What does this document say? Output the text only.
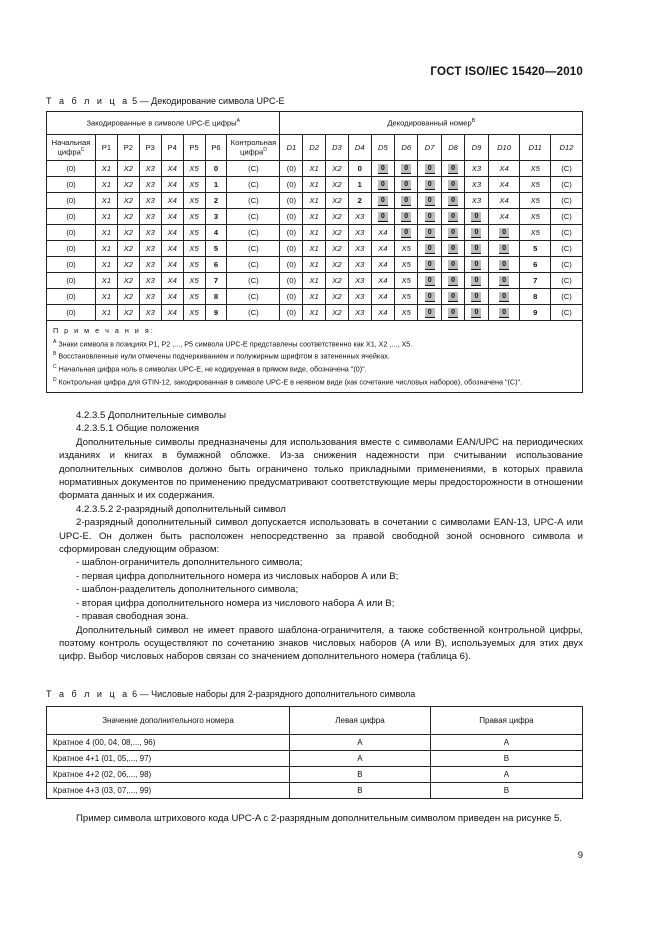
ГОСТ ISO/IEC 15420—2010
Т а б л и ц а 5 — Декодирование символа UPC-E
Закодированные в символе UPC-E цифры$^A$								Декодированный номер$^B$
Начальная цифра$^C$	P1	P2	P3	P4	P5	P6	Контрольная цифра$^D$	D1	D2	D3	D4	D5	D6	D7	D8	D9	D10	D11	D12
(0)	X1	X2	X3	X4	X5	0	(C)	(0)	X1	X2	0	0	0	0	0	X3	X4	X5	(C)
(0)	X1	X2	X3	X4	X5	1	(C)	(0)	X1	X2	1	0	0	0	0	X3	X4	X5	(C)
(0)	X1	X2	X3	X4	X5	2	(C)	(0)	X1	X2	2	0	0	0	0	X3	X4	X5	(C)
(0)	X1	X2	X3	X4	X5	3	(C)	(0)	X1	X2	X3	0	0	0	0	0	X4	X5	(C)
(0)	X1	X2	X3	X4	X5	4	(C)	(0)	X1	X2	X3	X4	0	0	0	0	0	X5	(C)
(0)	X1	X2	X3	X4	X5	5	(C)	(0)	X1	X2	X3	X4	X5	0	0	0	0	5	(C)
(0)	X1	X2	X3	X4	X5	6	(C)	(0)	X1	X2	X3	X4	X5	0	0	0	0	6	(C)
(0)	X1	X2	X3	X4	X5	7	(C)	(0)	X1	X2	X3	X4	X5	0	0	0	0	7	(C)
(0)	X1	X2	X3	X4	X5	8	(C)	(0)	X1	X2	X3	X4	X5	0	0	0	0	8	(C)
(0)	X1	X2	X3	X4	X5	9	(C)	(0)	X1	X2	X3	X4	X5	0	0	0	0	9	(C)

П р и м е ч а н и я:
$^A$ Знаки символа в позициях P1, P2 ,..., P5 символа UPC-E представлены соответственно как X1, X2 ,..., X5.
$^B$ Восстановленные нули отмечены подчеркиванием и полужирным шрифтом в затененных ячейках.
$^C$ Начальная цифра ноль в символах UPC-E, не кодируемая в прямом виде, обозначена "(0)".
$^D$ Контрольная цифра для GTIN-12, закодированная в символе UPC-E в неявном виде (как сочетание числовых наборов), обозначена "(C)".																			

4.2.3.5 Дополнительные символы

4.2.3.5.1 Общие положения

Дополнительные символы предназначены для использования вместе с символами EAN/UPC на периодических изданиях и книгах в бумажной обложке. Из-за снижения надежности при считывании использование дополнительных символов должно быть ограничено только прикладными применениями, в которых правила нормативных документов по применению предусматривают соответствующие меры предосторожности в отношении формата данных и их содержания.

4.2.3.5.2 2-разрядный дополнительный символ

2-разрядный дополнительный символ допускается использовать в сочетании с символами EAN-13, UPC-A или UPC-E. Он должен быть расположен непосредственно за правой свободной зоной основного символа и сформирован следующим образом:

- шаблон-ограничитель дополнительного символа;

- первая цифра дополнительного номера из числовых наборов А или В;

- шаблон-разделитель дополнительного символа;

- вторая цифра дополнительного номера из числового набора А или В;

- правая свободная зона.

Дополнительный символ не имеет правого шаблона-ограничителя, а также собственной контрольной цифры, поэтому контроль осуществляют по сочетанию знаков числовых наборов (А или В), используемых для этих двух цифр. Выбор числовых наборов связан со значением дополнительного номера (таблица 6).

Т а б л и ц а 6 — Числовые наборы для 2-разрядного дополнительного символа
Значение дополнительного номера	Левая цифра	Правая цифра
Кратное 4 (00, 04, 08,..., 96)	А	А
Кратное 4+1 (01, 05,..., 97)	А	В
Кратное 4+2 (02, 06,..., 98)	В	А
Кратное 4+3 (03, 07,..., 99)	В	В

Пример символа штрихового кода UPC-A с 2-разрядным дополнительным символом приведен на рисунке 5.

9
